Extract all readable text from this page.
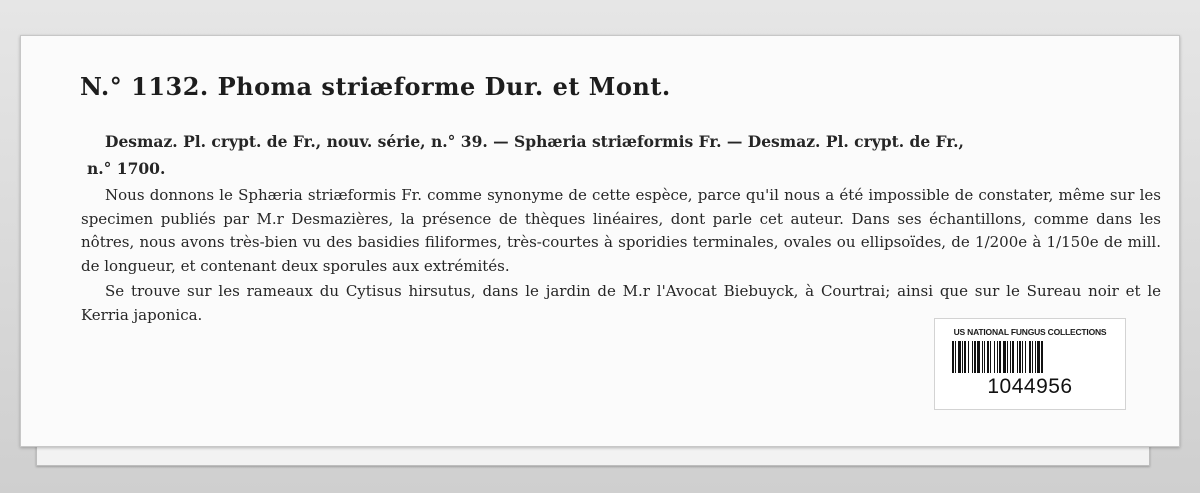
N.° 1132. Phoma striæforme Dur. et Mont.
Desmaz. Pl. crypt. de Fr., nouv. série, n.° 39. — Sphæria striæformis Fr. — Desmaz. Pl. crypt. de Fr.,
n.° 1700.

Nous donnons le Sphæria striæformis Fr. comme synonyme de cette espèce, parce qu'il nous a été impossible de constater, même sur les specimen publiés par M.r Desmazières, la présence de thèques linéaires, dont parle cet auteur. Dans ses échantillons, comme dans les nôtres, nous avons très-bien vu des basidies filiformes, très-courtes à sporidies terminales, ovales ou ellipsoïdes, de 1/200e à 1/150e de mill. de longueur, et contenant deux sporules aux extrémités.

Se trouve sur les rameaux du Cytisus hirsutus, dans le jardin de M.r l'Avocat Biebuyck, à Courtrai; ainsi que sur le Sureau noir et le Kerria japonica.

US NATIONAL FUNGUS COLLECTIONS
1044956
